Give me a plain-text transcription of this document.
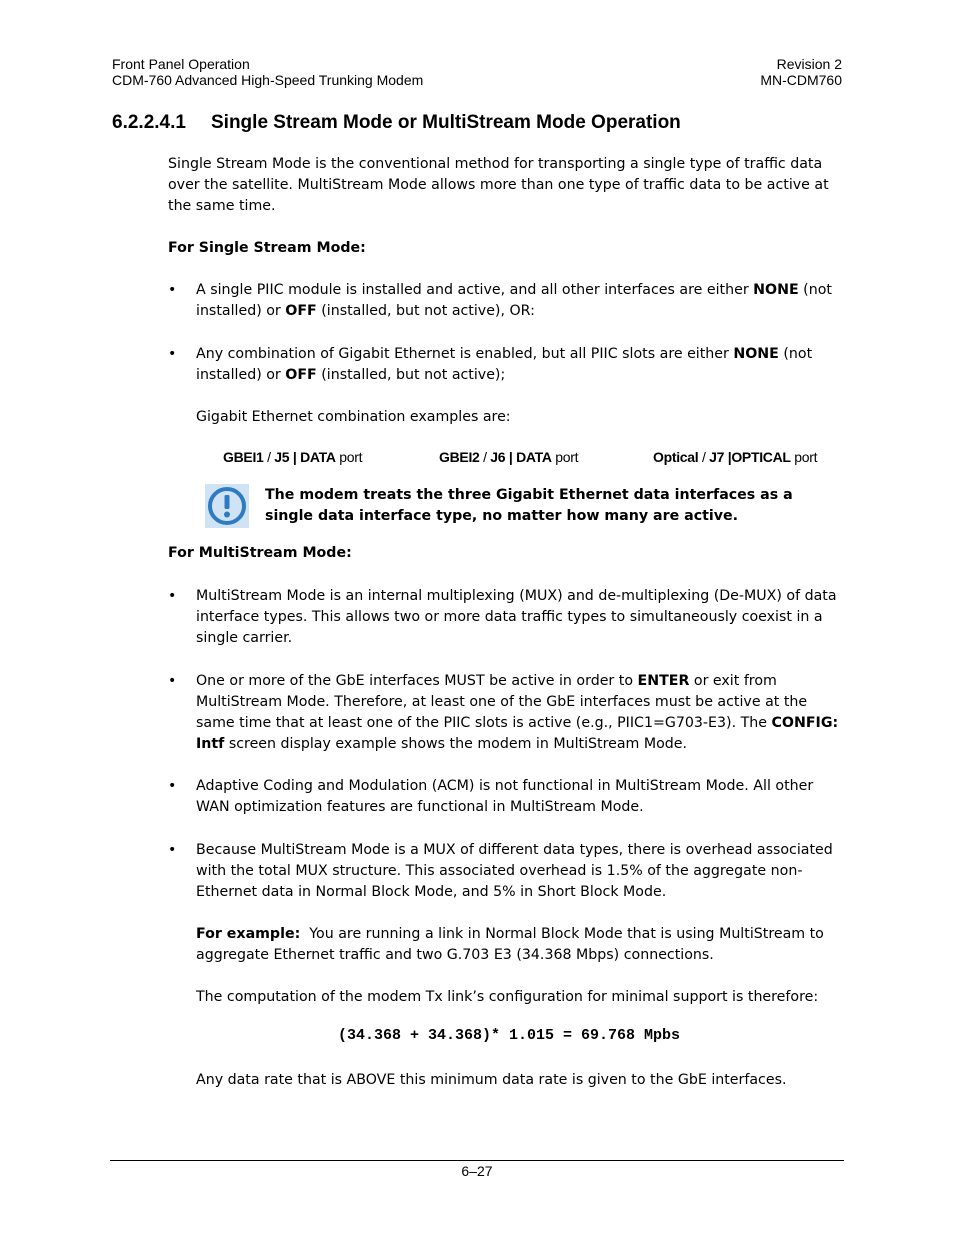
Front Panel Operation
CDM-760 Advanced High-Speed Trunking Modem
Revision 2
MN-CDM760
6.2.2.4.1 Single Stream Mode or MultiStream Mode Operation
Single Stream Mode is the conventional method for transporting a single type of traffic data over the satellite. MultiStream Mode allows more than one type of traffic data to be active at the same time.
For Single Stream Mode:
•	A single PIIC module is installed and active, and all other interfaces are either NONE (not installed) or OFF (installed, but not active), OR:
•	Any combination of Gigabit Ethernet is enabled, but all PIIC slots are either NONE (not installed) or OFF (installed, but not active);
Gigabit Ethernet combination examples are:
GBEI1 / J5 | DATA port	GBEI2 / J6 | DATA port	Optical / J7 |OPTICAL port
The modem treats the three Gigabit Ethernet data interfaces as a single data interface type, no matter how many are active.
For MultiStream Mode:
•	MultiStream Mode is an internal multiplexing (MUX) and de-multiplexing (De-MUX) of data interface types. This allows two or more data traffic types to simultaneously coexist in a single carrier.
•	One or more of the GbE interfaces MUST be active in order to ENTER or exit from MultiStream Mode. Therefore, at least one of the GbE interfaces must be active at the same time that at least one of the PIIC slots is active (e.g., PIIC1=G703-E3). The CONFIG: Intf screen display example shows the modem in MultiStream Mode.
•	Adaptive Coding and Modulation (ACM) is not functional in MultiStream Mode. All other WAN optimization features are functional in MultiStream Mode.
•	Because MultiStream Mode is a MUX of different data types, there is overhead associated with the total MUX structure. This associated overhead is 1.5% of the aggregate non-Ethernet data in Normal Block Mode, and 5% in Short Block Mode.
For example:  You are running a link in Normal Block Mode that is using MultiStream to aggregate Ethernet traffic and two G.703 E3 (34.368 Mbps) connections.
The computation of the modem Tx link’s configuration for minimal support is therefore:
(34.368 + 34.368)* 1.015 = 69.768 Mpbs
Any data rate that is ABOVE this minimum data rate is given to the GbE interfaces.
6–27
